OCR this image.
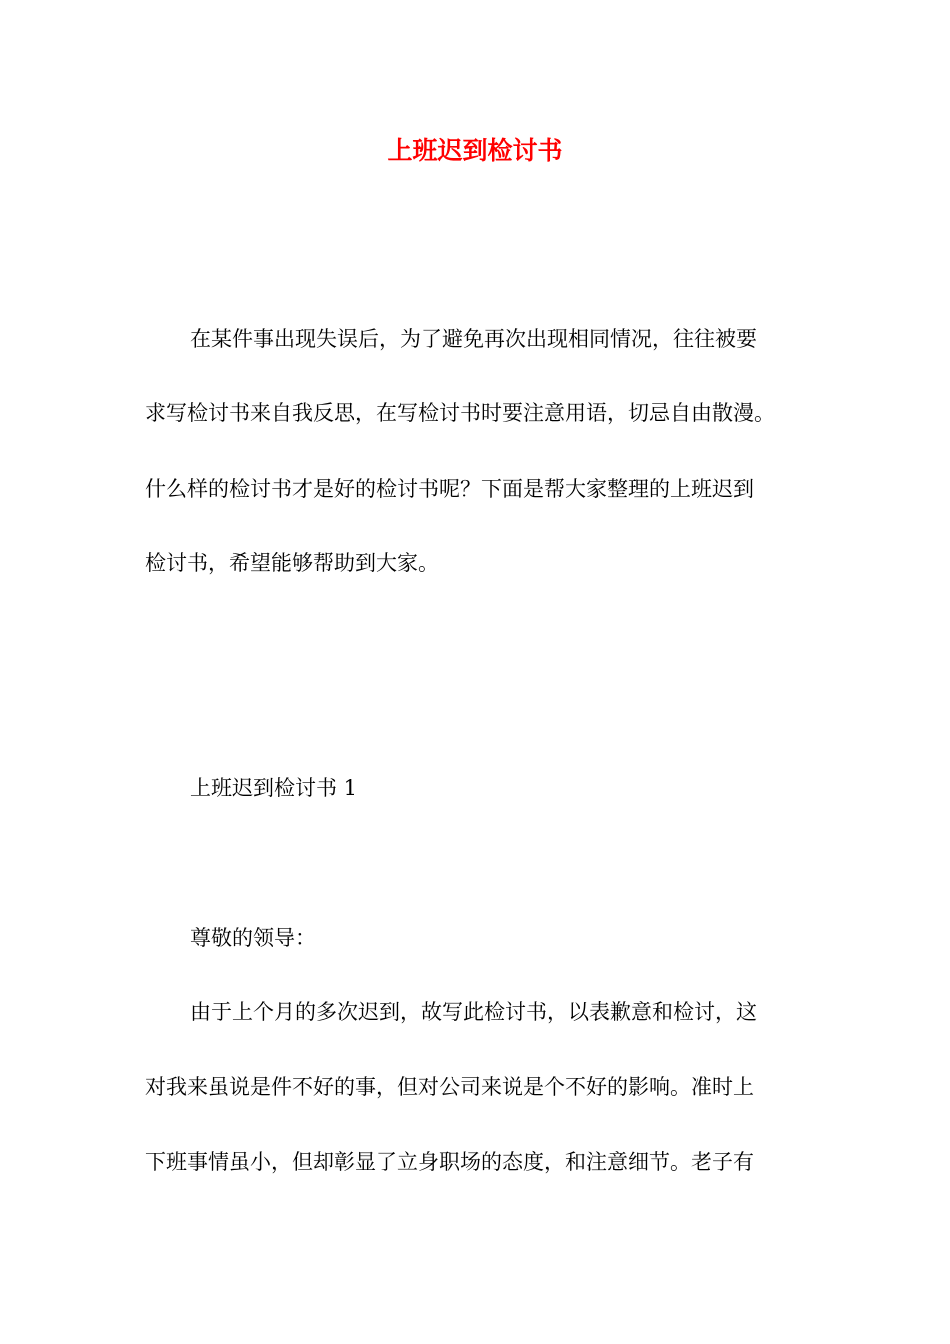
上班迟到检讨书

在某件事出现失误后，为了避免再次出现相同情况，往往被要

求写检讨书来自我反思，在写检讨书时要注意用语，切忌自由散漫。

什么样的检讨书才是好的检讨书呢？下面是帮大家整理的上班迟到

检讨书，希望能够帮助到大家。

上班迟到检讨书 1

尊敬的领导：

由于上个月的多次迟到，故写此检讨书，以表歉意和检讨，这

对我来虽说是件不好的事，但对公司来说是个不好的影响。准时上

下班事情虽小，但却彰显了立身职场的态度，和注意细节。老子有
